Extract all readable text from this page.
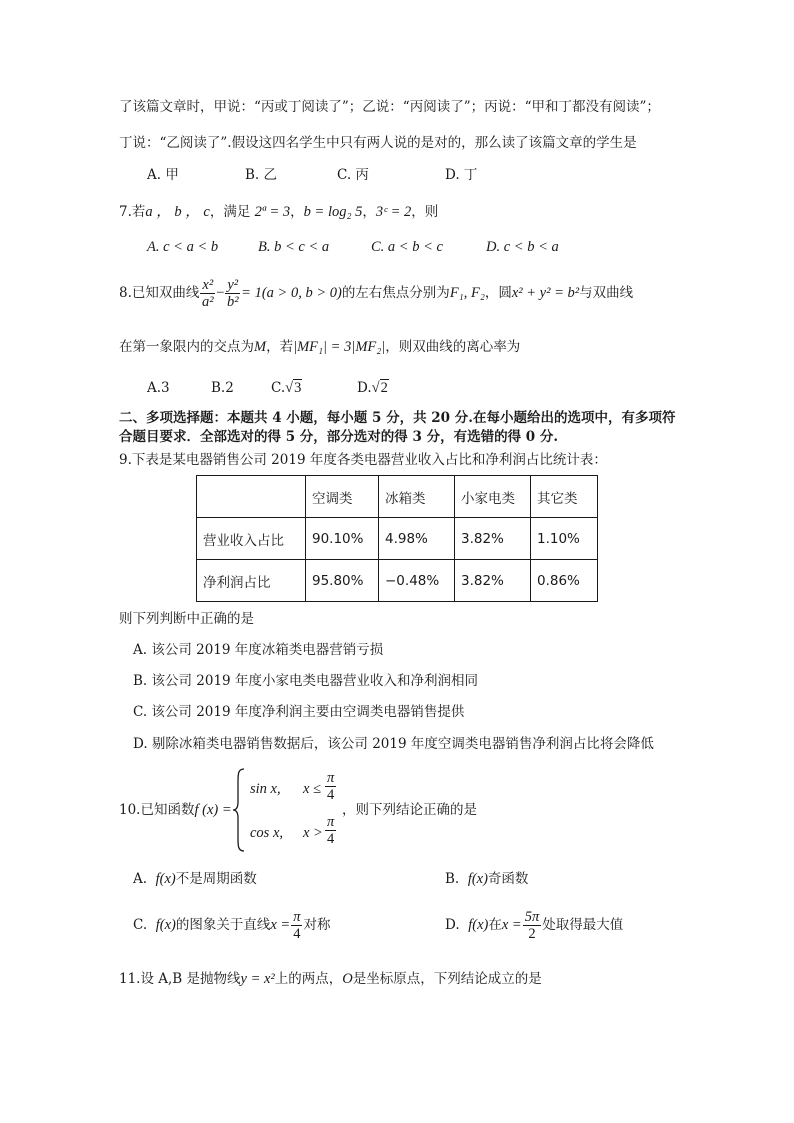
了该篇文章时，甲说：“丙或丁阅读了”；乙说：“丙阅读了”；丙说：“甲和丁都没有阅读”；
丁说：“乙阅读了”.假设这四名学生中只有两人说的是对的，那么读了该篇文章的学生是
A. 甲	B. 乙	C. 丙	D. 丁
7.若a ， b ， c，满足 2ª = 3，b = log₂ 5，3ᶜ = 2，则
A. c < a < b	B. b < c < a	C. a < b < c	D. c < b < a
8.已知双曲线 $\frac{\text{x²}}{\text{a²}} - \frac{\text{y²}}{\text{b²}} = 1(a > 0$, b > 0)的左右焦点分别为F₁, F₂，圆x² + y² = b²与双曲线
在第一象限内的交点为M，若|MF₁| = 3|MF₂|，则双曲线的离心率为
A.3	B.2	C.√3	D.√2
二、多项选择题：本题共 4 小题，每小题 5 分，共 20 分.在每小题给出的选项中，有多项符
合题目要求．全部选对的得 5 分，部分选对的得 3 分，有选错的得 0 分.
9.下表是某电器销售公司 2019 年度各类电器营业收入占比和净利润占比统计表：
	空调类	冰箱类	小家电类	其它类
营业收入占比	90.10%	4.98%	3.82%	1.10%
净利润占比	95.80%	−0.48%	3.82%	0.86%
则下列判断中正确的是
A. 该公司 2019 年度冰箱类电器营销亏损
B. 该公司 2019 年度小家电类电器营业收入和净利润相同
C. 该公司 2019 年度净利润主要由空调类电器销售提供
D. 剔除冰箱类电器销售数据后，该公司 2019 年度空调类电器销售净利润占比将会降低
10.已知函数f (x) =
sin x, $x \le \frac{\pi}{4}$
cos x, $x > \frac{\pi}{4}$
，则下列结论正确的是
A. f(x)不是周期函数	B. f(x)奇函数
C. f(x)的图象关于直线$x = \frac{\pi}{4}$ 对称	D. f(x)在$x = \frac{5\pi}{2}$ 处取得最大值
11.设 A,B 是抛物线y = x²上的两点，O是坐标原点，下列结论成立的是
